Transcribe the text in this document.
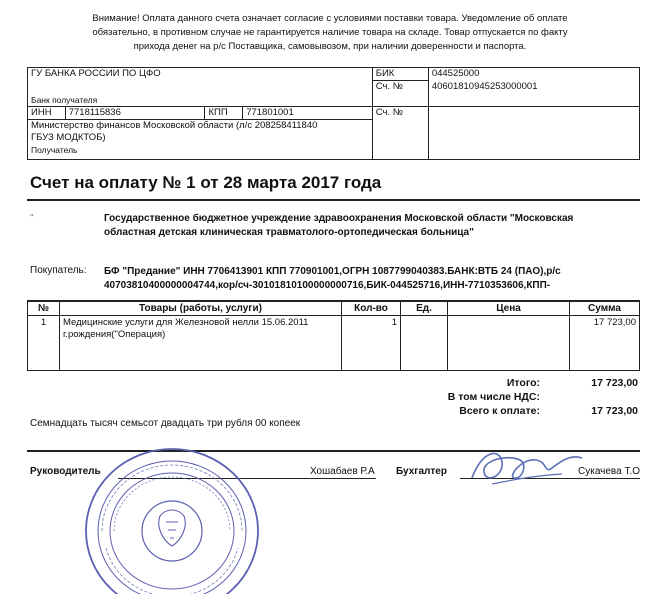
Внимание! Оплата данного счета означает согласие с условиями поставки товара. Уведомление об оплате
обязательно, в противном случае не гарантируется наличие товара на складе. Товар отпускается по факту
прихода денег на р/с Поставщика, самовывозом, при наличии доверенности и паспорта.
ГУ БАНКА РОССИИ ПО ЦФО				БИК	044525000
Банк получателя				Сч. №	40601810945253000001
ИНН	7718115836	КПП	771801001	Сч. №	

Министерство финансов Московской области (л/с 208258411840
ГБУЗ МОДКТОБ)
Получатель					
Счет на оплату № 1 от 28 марта 2017 года
"	Государственное бюджетное учреждение здравоохранения Московской области "Московская
областная детская клиническая травматолого-ортопедическая больница"
Покупатель: БФ "Предание" ИНН 7706413901 КПП 770901001,ОГРН 1087799040383.БАНК:ВТБ 24 (ПАО),р/с
40703810400000004744,кор/сч-30101810100000000716,БИК-044525716,ИНН-7710353606,КПП-
№	Товары (работы, услуги)	Кол-во	Ед.	Цена	Сумма
1	Медицинские услуги для Железновой нелли 15.06.2011
г.рождения("Операция)	1			17 723,00
Итого:	17 723,00
В том числе НДС:
Всего к оплате:	17 723,00
Семнадцать тысяч семьсот двадцать три рубля 00 копеек
Руководитель	Хошабаев Р.А Бухгалтер	Сукачева Т.О
